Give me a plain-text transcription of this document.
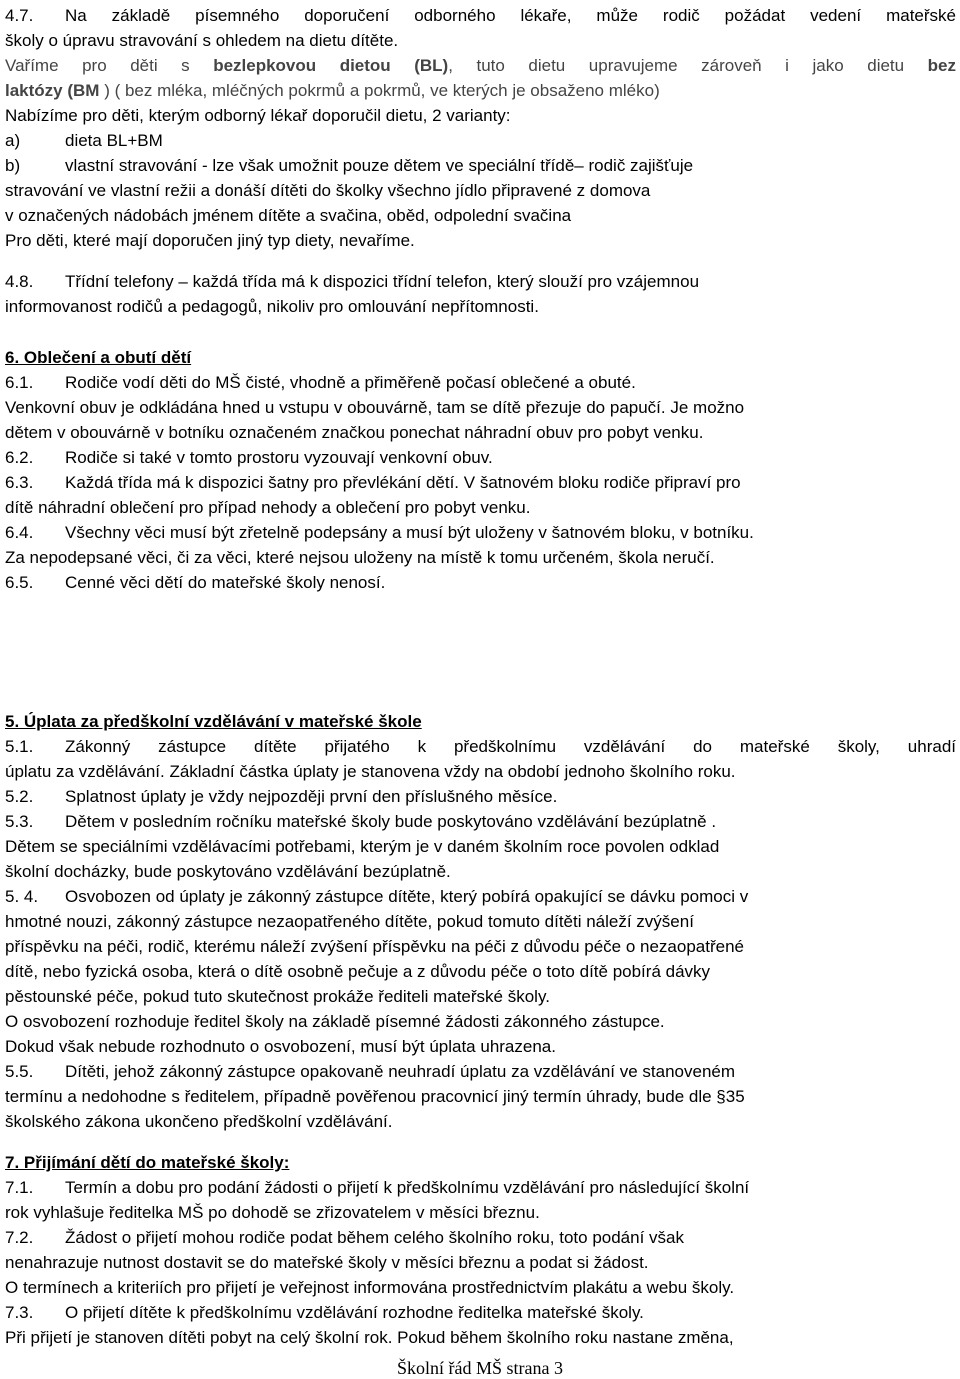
4.7. Na základě písemného doporučení odborného lékaře, může rodič požádat vedení mateřské
školy o úpravu stravování s ohledem na dietu dítěte.
Vaříme pro děti s bezlepkovou dietou (BL), tuto dietu upravujeme zároveň i jako dietu bez
laktózy (BM ) ( bez mléka, mléčných pokrmů a pokrmů, ve kterých je obsaženo mléko)
Nabízíme pro děti, kterým odborný lékař doporučil dietu, 2 varianty:
a)	dieta BL+BM
b)	vlastní stravování - lze však umožnit pouze dětem ve speciální třídě– rodič zajišťuje
stravování ve vlastní režii a donáší dítěti do školky všechno jídlo připravené z domova
v označených nádobách jménem dítěte a svačina, oběd, odpolední svačina
Pro děti, které mají doporučen jiný typ diety, nevaříme.
4.8. Třídní telefony – každá třída má k dispozici třídní telefon, který slouží pro vzájemnou
informovanost rodičů a pedagogů, nikoliv pro omlouvání nepřítomnosti.
5. Úplata za předškolní vzdělávání v mateřské škole
5.1. Zákonný zástupce dítěte přijatého k předškolnímu vzdělávání do mateřské školy, uhradí
úplatu za vzdělávání. Základní částka úplaty je stanovena vždy na období jednoho školního roku.
5.2. Splatnost úplaty je vždy nejpozději první den příslušného měsíce.
5.3. Dětem v posledním ročníku mateřské školy bude poskytováno vzdělávání bezúplatně .
Dětem se speciálními vzdělávacími potřebami, kterým je v daném školním roce povolen odklad
školní docházky, bude poskytováno vzdělávání bezúplatně.
5. 4. Osvobozen od úplaty je zákonný zástupce dítěte, který pobírá opakující se dávku pomoci v
hmotné nouzi, zákonný zástupce nezaopatřeného dítěte, pokud tomuto dítěti náleží zvýšení
příspěvku na péči, rodič, kterému náleží zvýšení příspěvku na péči z důvodu péče o nezaopatřené
dítě, nebo fyzická osoba, která o dítě osobně pečuje a z důvodu péče o toto dítě pobírá dávky
pěstounské péče, pokud tuto skutečnost prokáže řediteli mateřské školy.
O osvobození rozhoduje ředitel školy na základě písemné žádosti zákonného zástupce.
Dokud však nebude rozhodnuto o osvobození, musí být úplata uhrazena.
5.5. Dítěti, jehož zákonný zástupce opakovaně neuhradí úplatu za vzdělávání ve stanoveném
termínu a nedohodne s ředitelem, případně pověřenou pracovnicí jiný termín úhrady, bude dle §35
školského zákona ukončeno předškolní vzdělávání.
6. Oblečení a obutí dětí
6.1. Rodiče vodí děti do MŠ čisté, vhodně a přiměřeně počasí oblečené a obuté.
Venkovní obuv je odkládána hned u vstupu v obouvárně, tam se dítě přezuje do papučí. Je možno
dětem v obouvárně v botníku označeném značkou ponechat náhradní obuv pro pobyt venku.
6.2. Rodiče si také v tomto prostoru vyzouvají venkovní obuv.
6.3. Každá třída má k dispozici šatny pro převlékání dětí. V šatnovém bloku rodiče připraví pro
dítě náhradní oblečení pro případ nehody a oblečení pro pobyt venku.
6.4. Všechny věci musí být zřetelně podepsány a musí být uloženy v šatnovém bloku, v botníku.
Za nepodepsané věci, či za věci, které nejsou uloženy na místě k tomu určeném, škola neručí.
6.5. Cenné věci dětí do mateřské školy nenosí.
7. Přijímání dětí do mateřské školy:
7.1. Termín a dobu pro podání žádosti o přijetí k předškolnímu vzdělávání pro následující školní
rok vyhlašuje ředitelka MŠ po dohodě se zřizovatelem v měsíci březnu.
7.2. Žádost o přijetí mohou rodiče podat během celého školního roku, toto podání však
nenahrazuje nutnost dostavit se do mateřské školy v měsíci březnu a podat si žádost.
O termínech a kriteriích pro přijetí je veřejnost informována prostřednictvím plakátu a webu školy.
7.3. O přijetí dítěte k předškolnímu vzdělávání rozhodne ředitelka mateřské školy.
Při přijetí je stanoven dítěti pobyt na celý školní rok. Pokud během školního roku nastane změna,
Školní řád MŠ strana 3
